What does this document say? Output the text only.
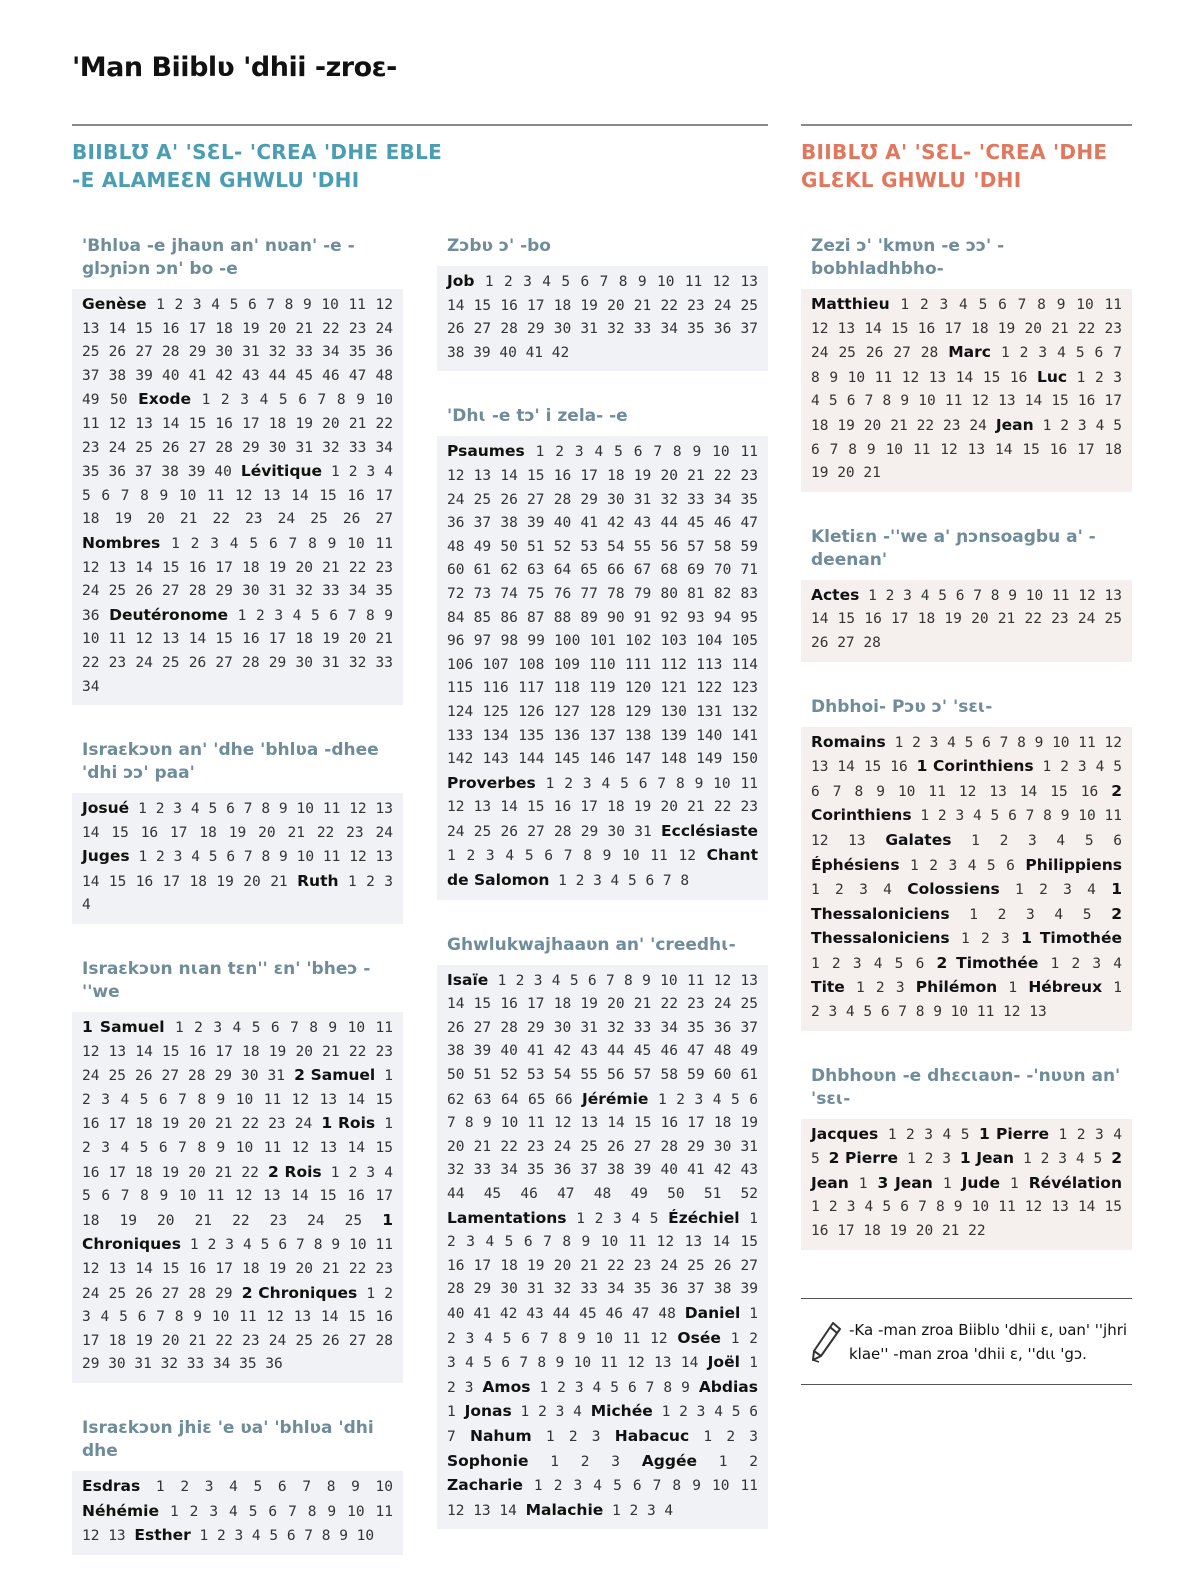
'Man Biiblʋ 'dhii -zroɛ-
BIIBLƱ A' 'SƐL- 'CREA 'DHE EBLE -E ALAMEƐN GHWLU 'DHI
BIIBLƱ A' 'SƐL- 'CREA 'DHE GLƐKL GHWLU 'DHI
'Bhlʋa -e jhaʋn an' nʋan' -e -glɔɲiɔn ɔn' bo -e
Genèse 1 2 3 4 5 6 7 8 9 10 11 12 13 14 15 16 17 18 19 20 21 22 23 24 25 26 27 28 29 30 31 32 33 34 35 36 37 38 39 40 41 42 43 44 45 46 47 48 49 50 Exode 1 2 3 4 5 6 7 8 9 10 11 12 13 14 15 16 17 18 19 20 21 22 23 24 25 26 27 28 29 30 31 32 33 34 35 36 37 38 39 40 Lévitique 1 2 3 4 5 6 7 8 9 10 11 12 13 14 15 16 17 18 19 20 21 22 23 24 25 26 27 Nombres 1 2 3 4 5 6 7 8 9 10 11 12 13 14 15 16 17 18 19 20 21 22 23 24 25 26 27 28 29 30 31 32 33 34 35 36 Deutéronome 1 2 3 4 5 6 7 8 9 10 11 12 13 14 15 16 17 18 19 20 21 22 23 24 25 26 27 28 29 30 31 32 33 34
Israɛkɔʋn an' 'dhe 'bhlʋa -dhee 'dhi ɔɔ' paa'
Josué 1 2 3 4 5 6 7 8 9 10 11 12 13 14 15 16 17 18 19 20 21 22 23 24 Juges 1 2 3 4 5 6 7 8 9 10 11 12 13 14 15 16 17 18 19 20 21 Ruth 1 2 3 4
Israɛkɔʋn nɩan tɛn'' ɛn' 'bheɔ -''we
1 Samuel 1 2 3 4 5 6 7 8 9 10 11 12 13 14 15 16 17 18 19 20 21 22 23 24 25 26 27 28 29 30 31 2 Samuel 1 2 3 4 5 6 7 8 9 10 11 12 13 14 15 16 17 18 19 20 21 22 23 24 1 Rois 1 2 3 4 5 6 7 8 9 10 11 12 13 14 15 16 17 18 19 20 21 22 2 Rois 1 2 3 4 5 6 7 8 9 10 11 12 13 14 15 16 17 18 19 20 21 22 23 24 25 1 Chroniques 1 2 3 4 5 6 7 8 9 10 11 12 13 14 15 16 17 18 19 20 21 22 23 24 25 26 27 28 29 2 Chroniques 1 2 3 4 5 6 7 8 9 10 11 12 13 14 15 16 17 18 19 20 21 22 23 24 25 26 27 28 29 30 31 32 33 34 35 36
Israɛkɔʋn jhiɛ 'e ʋa' 'bhlʋa 'dhi dhe
Esdras 1 2 3 4 5 6 7 8 9 10 Néhémie 1 2 3 4 5 6 7 8 9 10 11 12 13 Esther 1 2 3 4 5 6 7 8 9 10
Zɔbʋ ɔ' -bo
Job 1 2 3 4 5 6 7 8 9 10 11 12 13 14 15 16 17 18 19 20 21 22 23 24 25 26 27 28 29 30 31 32 33 34 35 36 37 38 39 40 41 42
'Dhɩ -e tɔ' i zela- -e
Psaumes 1 2 3 4 5 6 7 8 9 10 11 12 13 14 15 16 17 18 19 20 21 22 23 24 25 26 27 28 29 30 31 32 33 34 35 36 37 38 39 40 41 42 43 44 45 46 47 48 49 50 51 52 53 54 55 56 57 58 59 60 61 62 63 64 65 66 67 68 69 70 71 72 73 74 75 76 77 78 79 80 81 82 83 84 85 86 87 88 89 90 91 92 93 94 95 96 97 98 99 100 101 102 103 104 105 106 107 108 109 110 111 112 113 114 115 116 117 118 119 120 121 122 123 124 125 126 127 128 129 130 131 132 133 134 135 136 137 138 139 140 141 142 143 144 145 146 147 148 149 150 Proverbes 1 2 3 4 5 6 7 8 9 10 11 12 13 14 15 16 17 18 19 20 21 22 23 24 25 26 27 28 29 30 31 Ecclésiaste 1 2 3 4 5 6 7 8 9 10 11 12 Chant de Salomon 1 2 3 4 5 6 7 8
Ghwlukwajhaaʋn an' 'creedhɩ-
Isaïe 1 2 3 4 5 6 7 8 9 10 11 12 13 14 15 16 17 18 19 20 21 22 23 24 25 26 27 28 29 30 31 32 33 34 35 36 37 38 39 40 41 42 43 44 45 46 47 48 49 50 51 52 53 54 55 56 57 58 59 60 61 62 63 64 65 66 Jérémie 1 2 3 4 5 6 7 8 9 10 11 12 13 14 15 16 17 18 19 20 21 22 23 24 25 26 27 28 29 30 31 32 33 34 35 36 37 38 39 40 41 42 43 44 45 46 47 48 49 50 51 52 Lamentations 1 2 3 4 5 Ézéchiel 1 2 3 4 5 6 7 8 9 10 11 12 13 14 15 16 17 18 19 20 21 22 23 24 25 26 27 28 29 30 31 32 33 34 35 36 37 38 39 40 41 42 43 44 45 46 47 48 Daniel 1 2 3 4 5 6 7 8 9 10 11 12 Osée 1 2 3 4 5 6 7 8 9 10 11 12 13 14 Joël 1 2 3 Amos 1 2 3 4 5 6 7 8 9 Abdias 1 Jonas 1 2 3 4 Michée 1 2 3 4 5 6 7 Nahum 1 2 3 Habacuc 1 2 3 Sophonie 1 2 3 Aggée 1 2 Zacharie 1 2 3 4 5 6 7 8 9 10 11 12 13 14 Malachie 1 2 3 4
Zezi ɔ' 'kmʋn -e ɔɔ' -bobhladhbho-
Matthieu 1 2 3 4 5 6 7 8 9 10 11 12 13 14 15 16 17 18 19 20 21 22 23 24 25 26 27 28 Marc 1 2 3 4 5 6 7 8 9 10 11 12 13 14 15 16 Luc 1 2 3 4 5 6 7 8 9 10 11 12 13 14 15 16 17 18 19 20 21 22 23 24 Jean 1 2 3 4 5 6 7 8 9 10 11 12 13 14 15 16 17 18 19 20 21
Kletiɛn -''we a' ɲɔnsoagbu a' -deenan'
Actes 1 2 3 4 5 6 7 8 9 10 11 12 13 14 15 16 17 18 19 20 21 22 23 24 25 26 27 28
Dhbhoi- Pɔʋ ɔ' 'sɛɩ-
Romains 1 2 3 4 5 6 7 8 9 10 11 12 13 14 15 16 1 Corinthiens 1 2 3 4 5 6 7 8 9 10 11 12 13 14 15 16 2 Corinthiens 1 2 3 4 5 6 7 8 9 10 11 12 13 Galates 1 2 3 4 5 6 Éphésiens 1 2 3 4 5 6 Philippiens 1 2 3 4 Colossiens 1 2 3 4 1 Thessaloniciens 1 2 3 4 5 2 Thessaloniciens 1 2 3 1 Timothée 1 2 3 4 5 6 2 Timothée 1 2 3 4 Tite 1 2 3 Philémon 1 Hébreux 1 2 3 4 5 6 7 8 9 10 11 12 13
Dhbhoʋn -e dhɛcɩaʋn- -'nʋʋn an' 'sɛɩ-
Jacques 1 2 3 4 5 1 Pierre 1 2 3 4 5 2 Pierre 1 2 3 1 Jean 1 2 3 4 5 2 Jean 1 3 Jean 1 Jude 1 Révélation 1 2 3 4 5 6 7 8 9 10 11 12 13 14 15 16 17 18 19 20 21 22
-Ka -man zroa Biiblʋ 'dhii ɛ, ʋan' ''jhri klae'' -man zroa 'dhii ɛ, ''dɩɩ 'gɔ.
